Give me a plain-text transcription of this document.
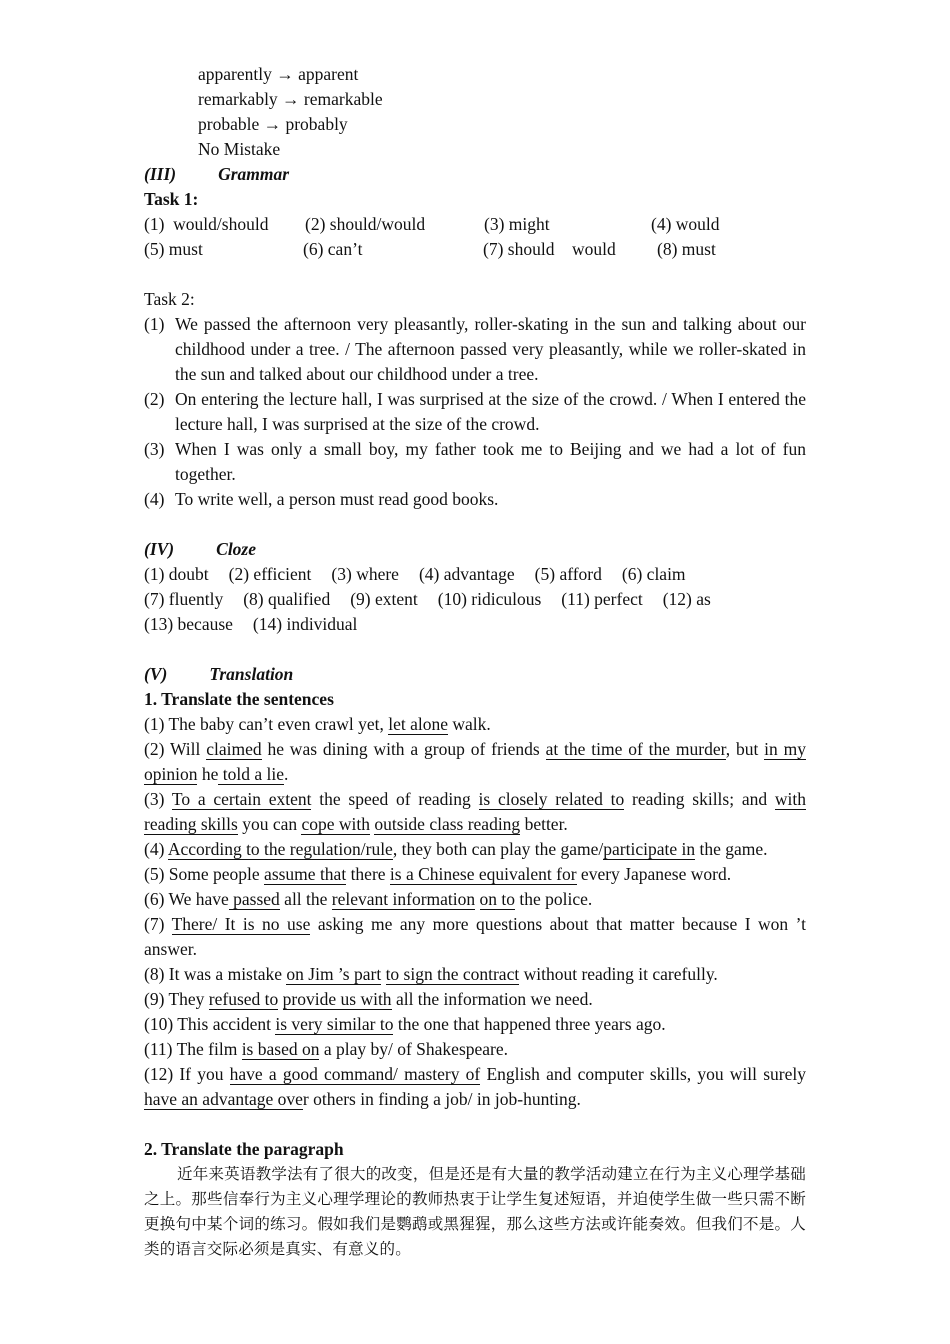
apparently → apparent
remarkably → remarkable
probable → probably
No Mistake
(III) Grammar
Task 1:
(1)  would/should (2) should/would	(3) might	(4) would
(5) must	(6) can’t	(7) should    would (8) must
Task 2:
(1) We passed the afternoon very pleasantly, roller-skating in the sun and talking about our childhood under a tree. / The afternoon passed very pleasantly, while we roller-skated in the sun and talked about our childhood under a tree.
(2) On entering the lecture hall, I was surprised at the size of the crowd. / When I entered the lecture hall, I was surprised at the size of the crowd.
(3) When I was only a small boy, my father took me to Beijing and we had a lot of fun together.
(4) To write well, a person must read good books.
(IV) Cloze
(1) doubt (2) efficient (3) where (4) advantage (5) afford (6) claim
(7) fluently (8) qualified (9) extent (10) ridiculous (11) perfect (12) as
(13) because (14) individual
(V) Translation
1. Translate the sentences
(1) The baby can’t even crawl yet, let alone walk.
(2) Will claimed he was dining with a group of friends at the time of the murder, but in my opinion he told a lie.
(3) To a certain extent the speed of reading is closely related to reading skills; and with reading skills you can cope with outside class reading better.
(4) According to the regulation/rule, they both can play the game/participate in the game.
(5) Some people assume that there is a Chinese equivalent for every Japanese word.
(6) We have passed all the relevant information on to the police.
(7) There/ It is no use asking me any more questions about that matter because I won ’t answer.
(8) It was a mistake on Jim ’s part to sign the contract without reading it carefully.
(9) They refused to provide us with all the information we need.
(10) This accident is very similar to the one that happened three years ago.
(11) The film is based on a play by/ of Shakespeare.
(12) If you have a good command/ mastery of English and computer skills, you will surely have an advantage over others in finding a job/ in job-hunting.
2. Translate the paragraph
近年来英语教学法有了很大的改变，但是还是有大量的教学活动建立在行为主义心理学基础之上。那些信奉行为主义心理学理论的教师热衷于让学生复述短语，并迫使学生做一些只需不断更换句中某个词的练习。假如我们是鹦鹉或黑猩猩，那么这些方法或许能奏效。但我们不是。人类的语言交际必须是真实、有意义的。
